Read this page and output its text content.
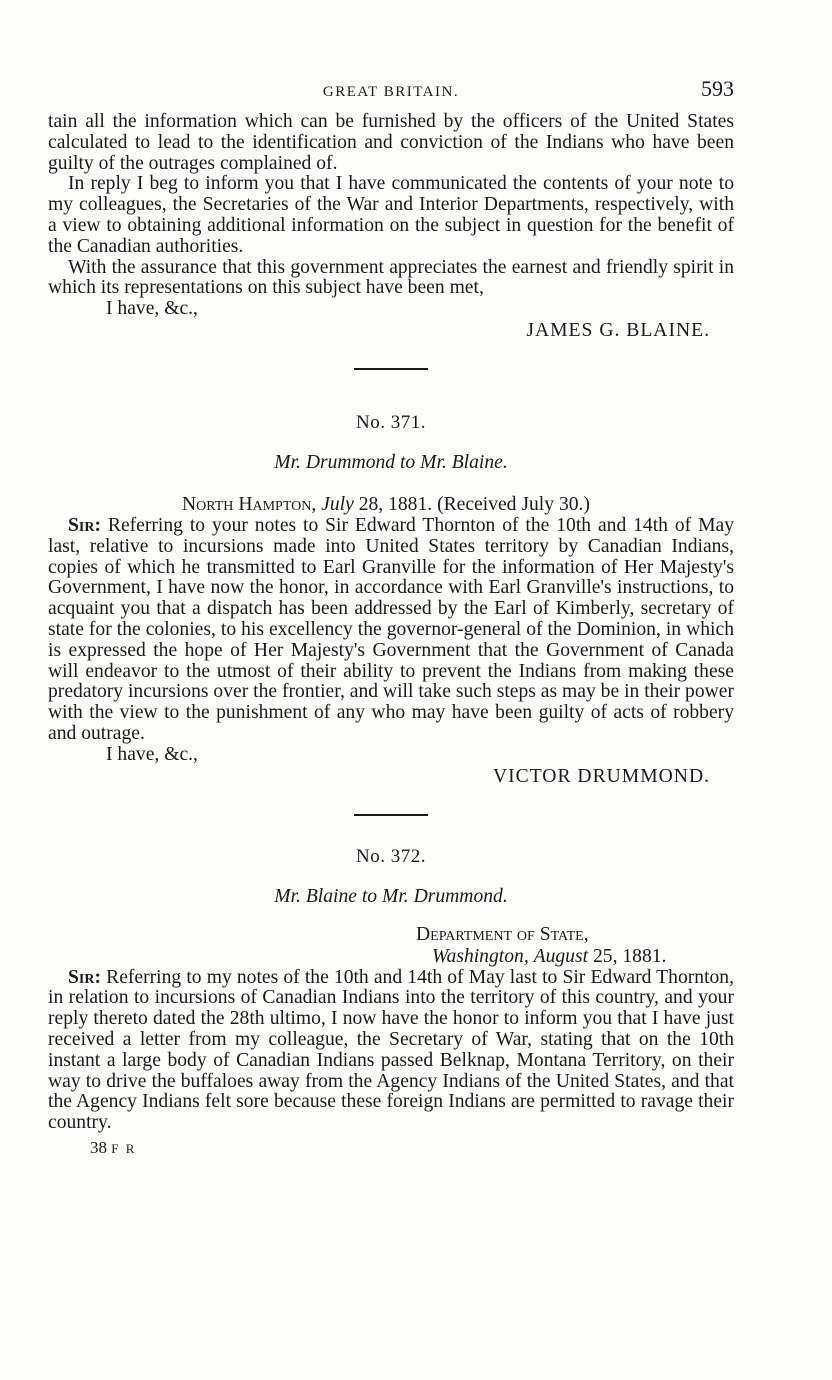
GREAT BRITAIN.	593

tain all the information which can be furnished by the officers of the United States calculated to lead to the identification and conviction of the Indians who have been guilty of the outrages complained of.

In reply I beg to inform you that I have communicated the contents of your note to my colleagues, the Secretaries of the War and Interior Departments, respectively, with a view to obtaining additional information on the subject in question for the benefit of the Canadian authorities.

With the assurance that this government appreciates the earnest and friendly spirit in which its representations on this subject have been met,

I have, &c.,
JAMES G. BLAINE.
No. 371.
Mr. Drummond to Mr. Blaine.
North Hampton, July 28, 1881. (Received July 30.)

Sir: Referring to your notes to Sir Edward Thornton of the 10th and 14th of May last, relative to incursions made into United States territory by Canadian Indians, copies of which he transmitted to Earl Granville for the information of Her Majesty's Government, I have now the honor, in accordance with Earl Granville's instructions, to acquaint you that a dispatch has been addressed by the Earl of Kimberly, secretary of state for the colonies, to his excellency the governor-general of the Dominion, in which is expressed the hope of Her Majesty's Government that the Government of Canada will endeavor to the utmost of their ability to prevent the Indians from making these predatory incursions over the frontier, and will take such steps as may be in their power with the view to the punishment of any who may have been guilty of acts of robbery and outrage.

I have, &c.,
VICTOR DRUMMOND.
No. 372.
Mr. Blaine to Mr. Drummond.
Department of State,
Washington, August 25, 1881.

Sir: Referring to my notes of the 10th and 14th of May last to Sir Edward Thornton, in relation to incursions of Canadian Indians into the territory of this country, and your reply thereto dated the 28th ultimo, I now have the honor to inform you that I have just received a letter from my colleague, the Secretary of War, stating that on the 10th instant a large body of Canadian Indians passed Belknap, Montana Territory, on their way to drive the buffaloes away from the Agency Indians of the United States, and that the Agency Indians felt sore because these foreign Indians are permitted to ravage their country.

38 F R
